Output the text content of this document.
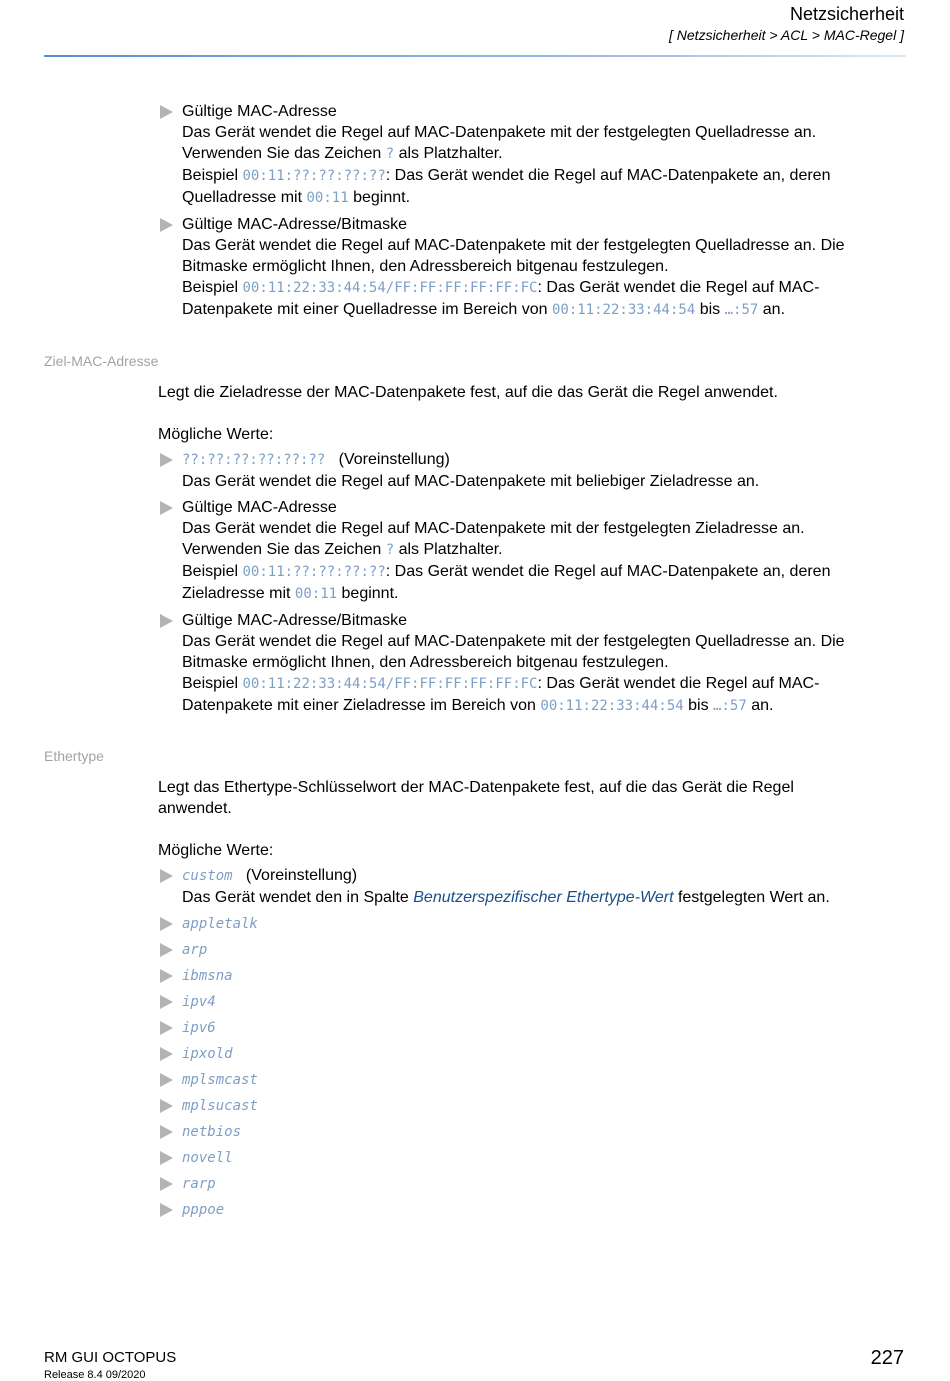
Netzsicherheit
[ Netzsicherheit > ACL > MAC-Regel ]
Gültige MAC-Adresse
Das Gerät wendet die Regel auf MAC-Datenpakete mit der festgelegten Quelladresse an.
Verwenden Sie das Zeichen ? als Platzhalter.
Beispiel 00:11:??:??:??:??: Das Gerät wendet die Regel auf MAC-Datenpakete an, deren
Quelladresse mit 00:11 beginnt.
Gültige MAC-Adresse/Bitmaske
Das Gerät wendet die Regel auf MAC-Datenpakete mit der festgelegten Quelladresse an. Die
Bitmaske ermöglicht Ihnen, den Adressbereich bitgenau festzulegen.
Beispiel 00:11:22:33:44:54/FF:FF:FF:FF:FF:FC: Das Gerät wendet die Regel auf MAC-
Datenpakete mit einer Quelladresse im Bereich von 00:11:22:33:44:54 bis …:57 an.
Ziel-MAC-Adresse
Legt die Zieladresse der MAC-Datenpakete fest, auf die das Gerät die Regel anwendet.
Mögliche Werte:
??:??:??:??:??:?? (Voreinstellung)
Das Gerät wendet die Regel auf MAC-Datenpakete mit beliebiger Zieladresse an.
Gültige MAC-Adresse
Das Gerät wendet die Regel auf MAC-Datenpakete mit der festgelegten Zieladresse an.
Verwenden Sie das Zeichen ? als Platzhalter.
Beispiel 00:11:??:??:??:??: Das Gerät wendet die Regel auf MAC-Datenpakete an, deren
Zieladresse mit 00:11 beginnt.
Gültige MAC-Adresse/Bitmaske
Das Gerät wendet die Regel auf MAC-Datenpakete mit der festgelegten Quelladresse an. Die
Bitmaske ermöglicht Ihnen, den Adressbereich bitgenau festzulegen.
Beispiel 00:11:22:33:44:54/FF:FF:FF:FF:FF:FC: Das Gerät wendet die Regel auf MAC-
Datenpakete mit einer Zieladresse im Bereich von 00:11:22:33:44:54 bis …:57 an.
Ethertype
Legt das Ethertype-Schlüsselwort der MAC-Datenpakete fest, auf die das Gerät die Regel
anwendet.
Mögliche Werte:
custom (Voreinstellung)
Das Gerät wendet den in Spalte Benutzerspezifischer Ethertype-Wert festgelegten Wert an.
appletalk
arp
ibmsna
ipv4
ipv6
ipxold
mplsmcast
mplsucast
netbios
novell
rarp
pppoe
RM GUI OCTOPUS
Release 8.4 09/2020
227
